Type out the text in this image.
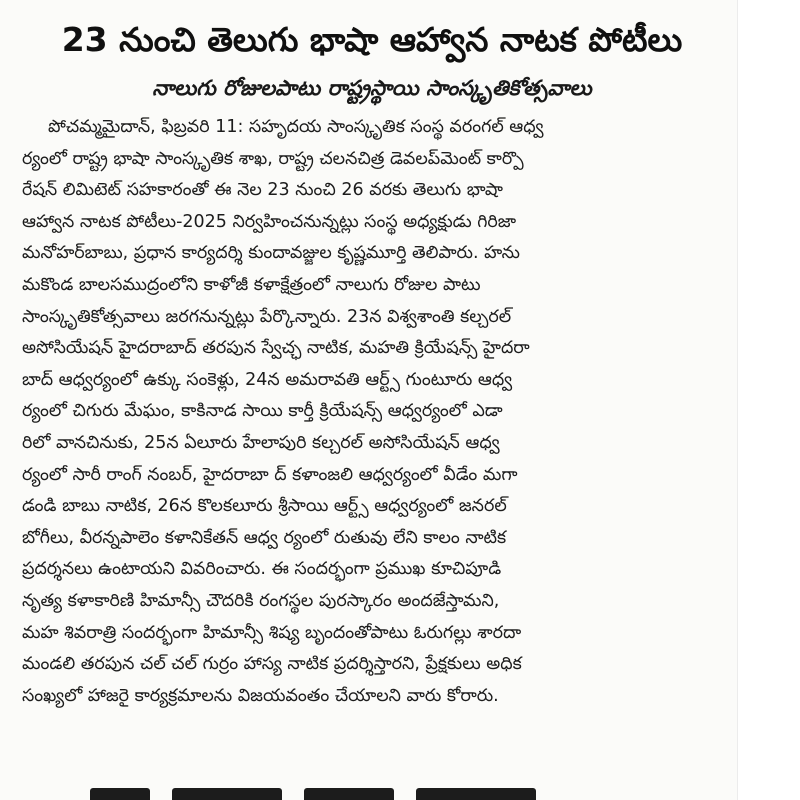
23 నుంచి తెలుగు భాషా ఆహ్వాన నాటక పోటీలు
నాలుగు రోజులపాటు రాష్ట్రస్థాయి సాంస్కృతికోత్సవాలు
పోచమ్మమైదాన్, ఫిబ్రవరి 11: సహృదయ సాంస్కృతిక సంస్థ వరంగల్ ఆధ్వ
ర్యంలో రాష్ట్ర భాషా సాంస్కృతిక శాఖ, రాష్ట్ర చలనచిత్ర డెవలప్‌మెంట్ కార్పొ
రేషన్ లిమిటెట్ సహకారంతో ఈ నెల 23 నుంచి 26 వరకు తెలుగు భాషా
ఆహ్వాన నాటక పోటీలు-2025 నిర్వహించనున్నట్లు సంస్థ అధ్యక్షుడు గిరిజా
మనోహర్‌బాబు, ప్రధాన కార్యదర్శి కుందావజ్జుల కృష్ణమూర్తి తెలిపారు. హను
మకొండ బాలసముద్రంలోని కాళోజీ కళాక్షేత్రంలో నాలుగు రోజుల పాటు
సాంస్కృతికోత్సవాలు జరగనున్నట్లు పేర్కొన్నారు. 23న విశ్వశాంతి కల్చరల్
అసోసియేషన్ హైదరాబాద్ తరపున స్వేచ్ఛ నాటిక, మహతి క్రియేషన్స్ హైదరా
బాద్ ఆధ్వర్యంలో ఉక్కు సంకెళ్లు, 24న అమరావతి ఆర్ట్స్ గుంటూరు ఆధ్వ
ర్యంలో చిగురు మేఘం, కాకినాడ సాయి కార్తీ క్రియేషన్స్ ఆధ్వర్యంలో ఎడా
రిలో వానచినుకు, 25న ఏలూరు హేలాపురి కల్చరల్ అసోసియేషన్ ఆధ్వ
ర్యంలో సారీ రాంగ్ నంబర్, హైదరాబా ద్ కళాంజలి ఆధ్వర్యంలో వీడేం మగా
డండి బాబు నాటిక, 26న కొలకలూరు శ్రీసాయి ఆర్ట్స్ ఆధ్వర్యంలో జనరల్
బోగీలు, వీరన్నపాలెం కళానికేతన్ ఆధ్వ ర్యంలో రుతువు లేని కాలం నాటిక
ప్రదర్శనలు ఉంటాయని వివరించారు. ఈ సందర్భంగా ప్రముఖ కూచిపూడి
నృత్య కళాకారిణి హిమాన్సీ చౌదరికి రంగస్థల పురస్కారం అందజేస్తామని,
మహ శివరాత్రి సందర్భంగా హిమాన్సీ శిష్య బృందంతోపాటు ఓరుగల్లు శారదా
మండలి తరపున చల్ చల్ గుర్రం హాస్య నాటిక ప్రదర్శిస్తారని, ప్రేక్షకులు అధిక
సంఖ్యలో హాజరై కార్యక్రమాలను విజయవంతం చేయాలని వారు కోరారు.
